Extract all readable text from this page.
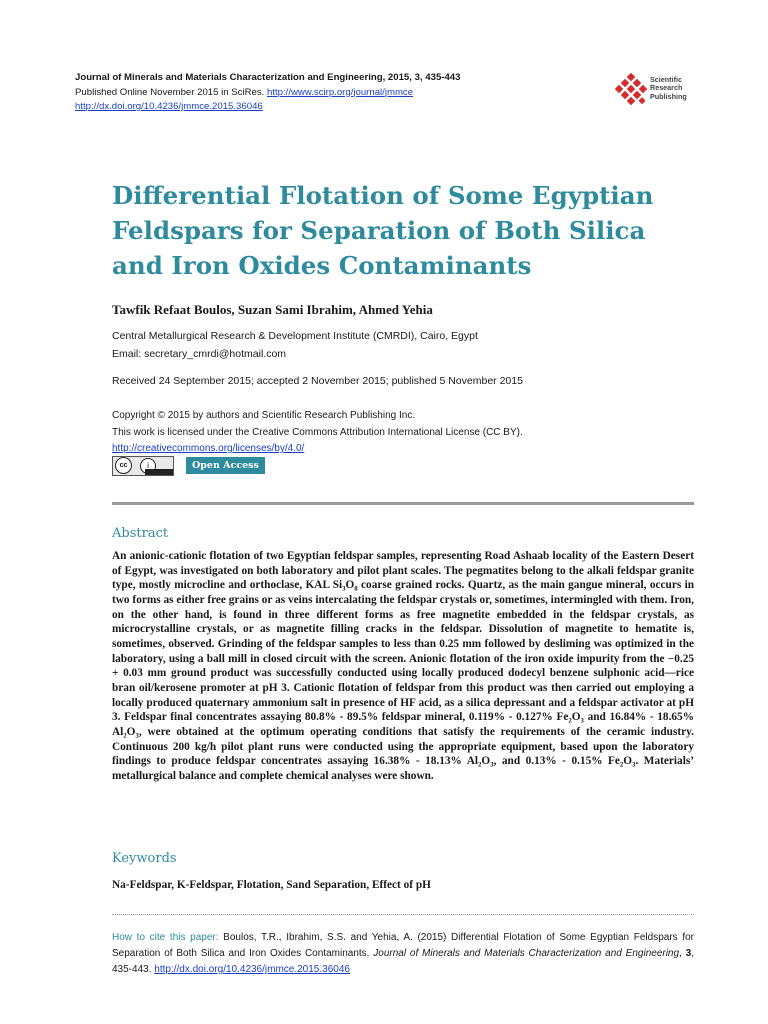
Journal of Minerals and Materials Characterization and Engineering, 2015, 3, 435-443
Published Online November 2015 in SciRes. http://www.scirp.org/journal/jmmce
http://dx.doi.org/10.4236/jmmce.2015.36046
Scientific
Research
Publishing
Differential Flotation of Some Egyptian Feldspars for Separation of Both Silica and Iron Oxides Contaminants
Tawfik Refaat Boulos, Suzan Sami Ibrahim, Ahmed Yehia
Central Metallurgical Research & Development Institute (CMRDI), Cairo, Egypt
Email: secretary_cmrdi@hotmail.com
Received 24 September 2015; accepted 2 November 2015; published 5 November 2015
Copyright © 2015 by authors and Scientific Research Publishing Inc.
This work is licensed under the Creative Commons Attribution International License (CC BY).
http://creativecommons.org/licenses/by/4.0/
cc	i	Open Access
Abstract

An anionic-cationic flotation of two Egyptian feldspar samples, representing Road Ashaab locality of the Eastern Desert of Egypt, was investigated on both laboratory and pilot plant scales. The pegmatites belong to the alkali feldspar granite type, mostly microcline and orthoclase, KAL Si₃O₈ coarse grained rocks. Quartz, as the main gangue mineral, occurs in two forms as either free grains or as veins intercalating the feldspar crystals or, sometimes, intermingled with them. Iron, on the other hand, is found in three different forms as free magnetite embedded in the feldspar crystals, as microcrystalline crystals, or as magnetite filling cracks in the feldspar. Dissolution of magnetite to hematite is, sometimes, observed. Grinding of the feldspar samples to less than 0.25 mm followed by desliming was optimized in the laboratory, using a ball mill in closed circuit with the screen. Anionic flotation of the iron oxide impurity from the −0.25 + 0.03 mm ground product was successfully conducted using locally produced dodecyl benzene sulphonic acid—rice bran oil/kerosene promoter at pH 3. Cationic flotation of feldspar from this product was then carried out employing a locally produced quaternary ammonium salt in presence of HF acid, as a silica depressant and a feldspar activator at pH 3. Feldspar final concentrates assaying 80.8% - 89.5% feldspar mineral, 0.119% - 0.127% Fe₂O₃ and 16.84% - 18.65% Al₂O₃, were obtained at the optimum operating conditions that satisfy the requirements of the ceramic industry. Continuous 200 kg/h pilot plant runs were conducted using the appropriate equipment, based upon the laboratory findings to produce feldspar concentrates assaying 16.38% - 18.13% Al₂O₃, and 0.13% - 0.15% Fe₂O₃. Materials’ metallurgical balance and complete chemical analyses were shown.

Keywords
Na-Feldspar, K-Feldspar, Flotation, Sand Separation, Effect of pH
How to cite this paper: Boulos, T.R., Ibrahim, S.S. and Yehia, A. (2015) Differential Flotation of Some Egyptian Feldspars for Separation of Both Silica and Iron Oxides Contaminants. Journal of Minerals and Materials Characterization and Engineering, 3, 435-443. http://dx.doi.org/10.4236/jmmce.2015.36046
